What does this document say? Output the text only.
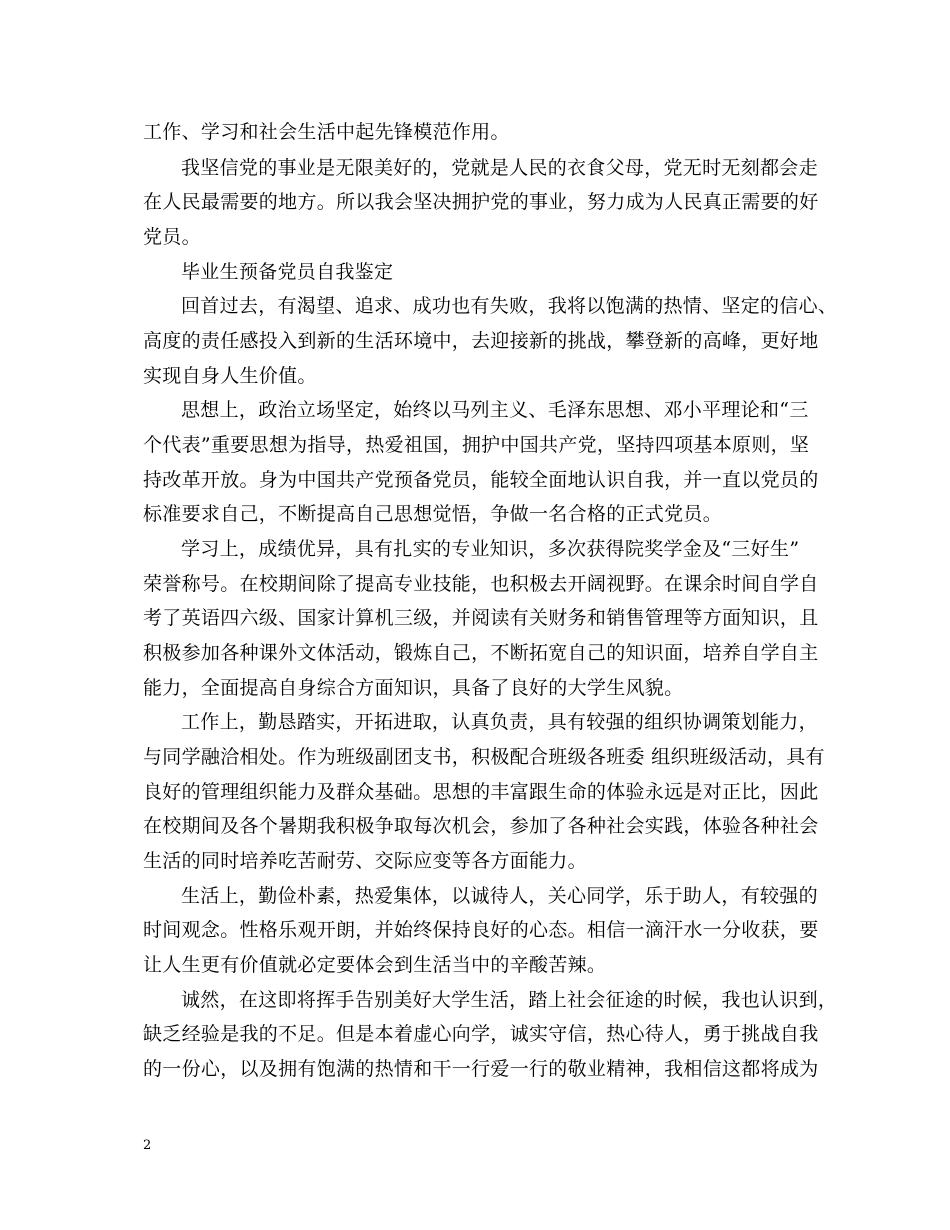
工作、学习和社会生活中起先锋模范作用。
我坚信党的事业是无限美好的，党就是人民的衣食父母，党无时无刻都会走
在人民最需要的地方。所以我会坚决拥护党的事业，努力成为人民真正需要的好
党员。
毕业生预备党员自我鉴定
回首过去，有渴望、追求、成功也有失败，我将以饱满的热情、坚定的信心、
高度的责任感投入到新的生活环境中，去迎接新的挑战，攀登新的高峰，更好地
实现自身人生价值。
思想上，政治立场坚定，始终以马列主义、毛泽东思想、邓小平理论和“三
个代表”重要思想为指导，热爱祖国，拥护中国共产党，坚持四项基本原则，坚
持改革开放。身为中国共产党预备党员，能较全面地认识自我，并一直以党员的
标准要求自己，不断提高自己思想觉悟，争做一名合格的正式党员。
学习上，成绩优异，具有扎实的专业知识，多次获得院奖学金及“三好生”
荣誉称号。在校期间除了提高专业技能，也积极去开阔视野。在课余时间自学自
考了英语四六级、国家计算机三级，并阅读有关财务和销售管理等方面知识，且
积极参加各种课外文体活动，锻炼自己，不断拓宽自己的知识面，培养自学自主
能力，全面提高自身综合方面知识，具备了良好的大学生风貌。
工作上，勤恳踏实，开拓进取，认真负责，具有较强的组织协调策划能力，
与同学融洽相处。作为班级副团支书，积极配合班级各班委 组织班级活动，具有
良好的管理组织能力及群众基础。思想的丰富跟生命的体验永远是对正比，因此
在校期间及各个暑期我积极争取每次机会，参加了各种社会实践，体验各种社会
生活的同时培养吃苦耐劳、交际应变等各方面能力。
生活上，勤俭朴素，热爱集体，以诚待人，关心同学，乐于助人，有较强的
时间观念。性格乐观开朗，并始终保持良好的心态。相信一滴汗水一分收获，要
让人生更有价值就必定要体会到生活当中的辛酸苦辣。
诚然，在这即将挥手告别美好大学生活，踏上社会征途的时候，我也认识到，
缺乏经验是我的不足。但是本着虚心向学，诚实守信，热心待人，勇于挑战自我
的一份心，以及拥有饱满的热情和干一行爱一行的敬业精神，我相信这都将成为
2
